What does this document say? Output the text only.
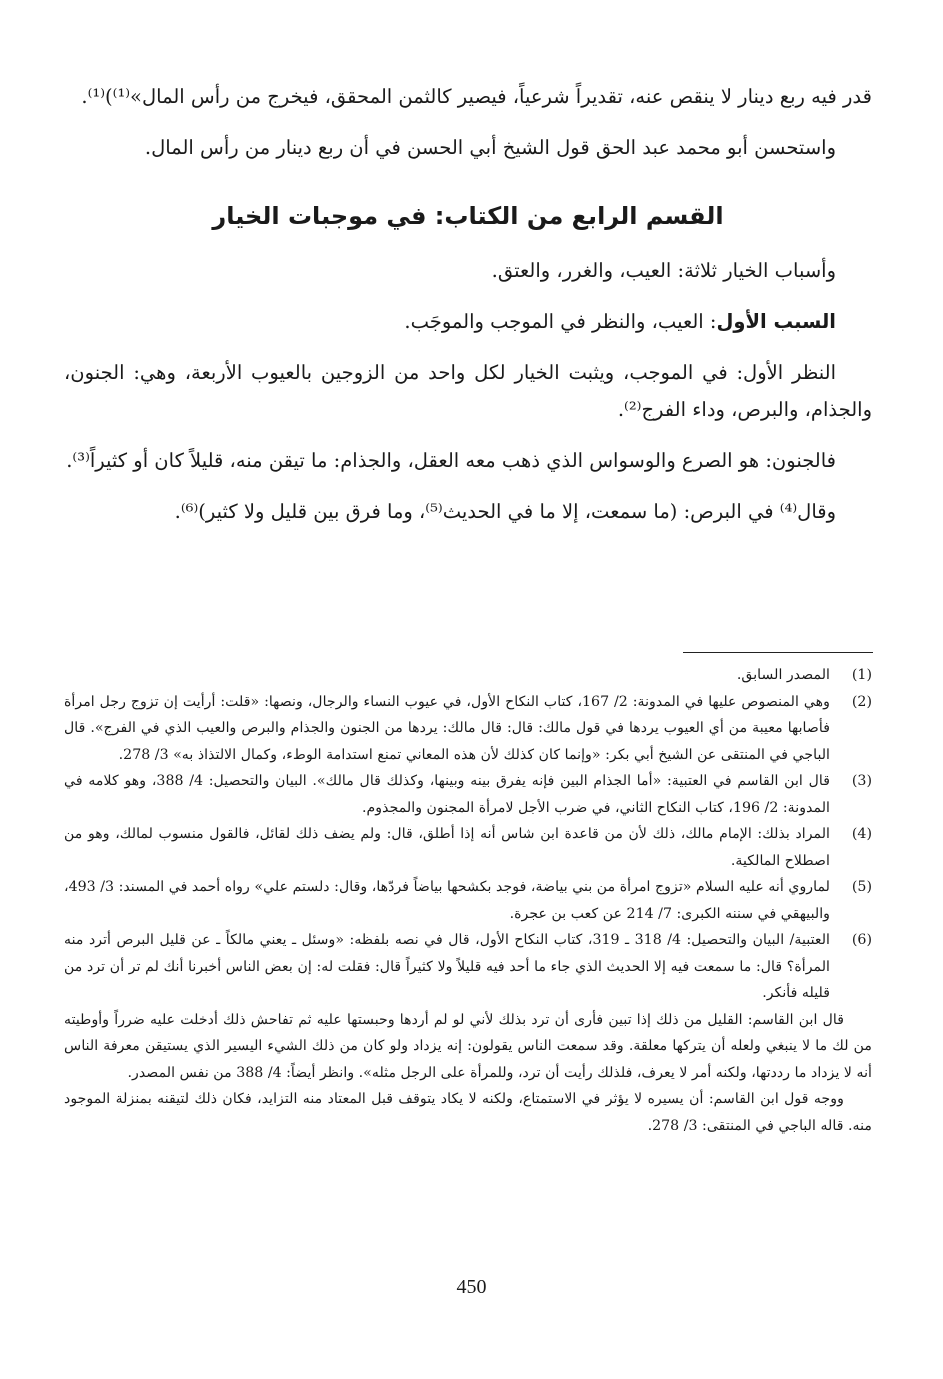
قدر فيه ربع دينار لا ينقص عنه، تقديراً شرعياً، فيصير كالثمن المحقق، فيخرج من رأس المال»⁽¹⁾)⁽¹⁾.

واستحسن أبو محمد عبد الحق قول الشيخ أبي الحسن في أن ربع دينار من رأس المال.

القسم الرابع من الكتاب: في موجبات الخيار

وأسباب الخيار ثلاثة: العيب، والغرر، والعتق.

السبب الأول: العيب، والنظر في الموجب والموجَب.

النظر الأول: في الموجب، ويثبت الخيار لكل واحد من الزوجين بالعيوب الأربعة، وهي: الجنون، والجذام، والبرص، وداء الفرج⁽²⁾.

فالجنون: هو الصرع والوسواس الذي ذهب معه العقل، والجذام: ما تيقن منه، قليلاً كان أو كثيراً⁽³⁾.

وقال⁽⁴⁾ في البرص: (ما سمعت، إلا ما في الحديث⁽⁵⁾، وما فرق بين قليل ولا كثير)⁽⁶⁾.

(1)
المصدر السابق.
(2)
وهي المنصوص عليها في المدونة: 2/ 167، كتاب النكاح الأول، في عيوب النساء والرجال، ونصها: «قلت: أرأيت إن تزوج رجل امرأة فأصابها معيبة من أي العيوب يردها في قول مالك: قال: قال مالك: يردها من الجنون والجذام والبرص والعيب الذي في الفرج». قال الباجي في المنتقى عن الشيخ أبي بكر: «وإنما كان كذلك لأن هذه المعاني تمنع استدامة الوطء، وكمال الالتذاذ به» 3/ 278.
(3)
قال ابن القاسم في العتبية: «أما الجذام البين فإنه يفرق بينه وبينها، وكذلك قال مالك». البيان والتحصيل: 4/ 388، وهو كلامه في المدونة: 2/ 196، كتاب النكاح الثاني، في ضرب الأجل لامرأة المجنون والمجذوم.
(4)
المراد بذلك: الإمام مالك، ذلك لأن من قاعدة ابن شاس أنه إذا أطلق، قال: ولم يضف ذلك لقائل، فالقول منسوب لمالك، وهو من اصطلاح المالكية.
(5)
لماروي أنه عليه السلام «تزوج امرأة من بني بياضة، فوجد بكشحها بياضاً فردّها، وقال: دلستم علي» رواه أحمد في المسند: 3/ 493، والبيهقي في سننه الكبرى: 7/ 214 عن كعب بن عجرة.
(6)
العتبية/ البيان والتحصيل: 4/ 318 ـ 319، كتاب النكاح الأول، قال في نصه بلفظه: «وسئل ـ يعني مالكاً ـ عن قليل البرص أترد منه المرأة؟ قال: ما سمعت فيه إلا الحديث الذي جاء ما أحد فيه قليلاً ولا كثيراً قال: فقلت له: إن بعض الناس أخبرنا أنك لم تر أن ترد من قليله فأنكر.
قال ابن القاسم: القليل من ذلك إذا تبين فأرى أن ترد بذلك لأني لو لم أردها وحبستها عليه ثم تفاحش ذلك أدخلت عليه ضرراً وأوطيته من لك ما لا ينبغي ولعله أن يتركها معلقة. وقد سمعت الناس يقولون: إنه يزداد ولو كان من ذلك الشيء اليسير الذي يستيقن معرفة الناس أنه لا يزداد ما رددتها، ولكنه أمر لا يعرف، فلذلك رأيت أن ترد، وللمرأة على الرجل مثله». وانظر أيضاً: 4/ 388 من نفس المصدر.
ووجه قول ابن القاسم: أن يسيره لا يؤثر في الاستمتاع، ولكنه لا يكاد يتوقف قبل المعتاد منه التزايد، فكان ذلك لتيقنه بمنزلة الموجود منه. قاله الباجي في المنتقى: 3/ 278.
450
